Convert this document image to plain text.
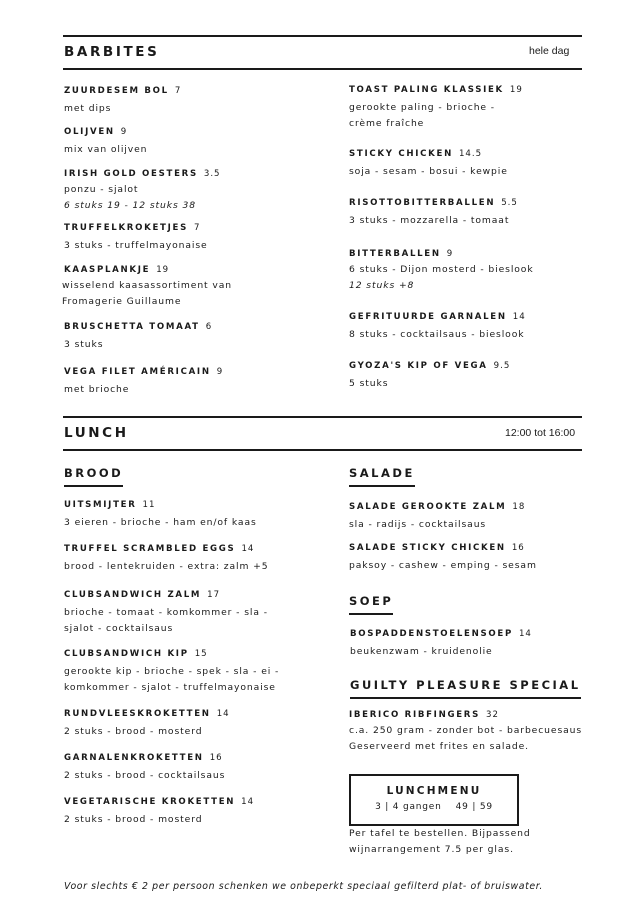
BARBITES	hele dag
ZUURDESEM BOL 7
met dips
OLIJVEN 9
mix van olijven
IRISH GOLD OESTERS 3.5
ponzu - sjalot
6 stuks 19 - 12 stuks 38
TRUFFELKROKETJES 7
3 stuks - truffelmayonaise
KAASPLANKJE 19
wisselend kaasassortiment van
Fromagerie Guillaume
BRUSCHETTA TOMAAT 6
3 stuks
VEGA FILET AMÉRICAIN 9
met brioche
TOAST PALING KLASSIEK 19
gerookte paling - brioche -
crème fraîche
STICKY CHICKEN 14.5
soja - sesam - bosui - kewpie
RISOTTOBITTERBALLEN 5.5
3 stuks - mozzarella - tomaat
BITTERBALLEN 9
6 stuks - Dijon mosterd - bieslook
12 stuks +8
GEFRITUURDE GARNALEN 14
8 stuks - cocktailsaus - bieslook
GYOZA'S KIP OF VEGA 9.5
5 stuks
LUNCH	12:00 tot 16:00
BROOD
UITSMIJTER 11
3 eieren - brioche - ham en/of kaas
TRUFFEL SCRAMBLED EGGS 14
brood - lentekruiden - extra: zalm +5
CLUBSANDWICH ZALM 17
brioche - tomaat - komkommer - sla -
sjalot - cocktailsaus
CLUBSANDWICH KIP 15
gerookte kip - brioche - spek - sla - ei -
komkommer - sjalot - truffelmayonaise
RUNDVLEESKROKETTEN 14
2 stuks - brood - mosterd
GARNALENKROKETTEN 16
2 stuks - brood - cocktailsaus
VEGETARISCHE KROKETTEN 14
2 stuks - brood - mosterd
SALADE
SALADE GEROOKTE ZALM 18
sla - radijs - cocktailsaus
SALADE STICKY CHICKEN 16
paksoy - cashew - emping - sesam
SOEP
BOSPADDENSTOELENSOEP 14
beukenzwam - kruidenolie
GUILTY PLEASURE SPECIAL
IBERICO RIBFINGERS 32
c.a. 250 gram - zonder bot - barbecuesaus
Geserveerd met frites en salade.
LUNCHMENU
3 | 4 gangen 49 | 59
Per tafel te bestellen. Bijpassend
wijnarrangement 7.5 per glas.
Voor slechts € 2 per persoon schenken we onbeperkt speciaal gefilterd plat- of bruiswater.
